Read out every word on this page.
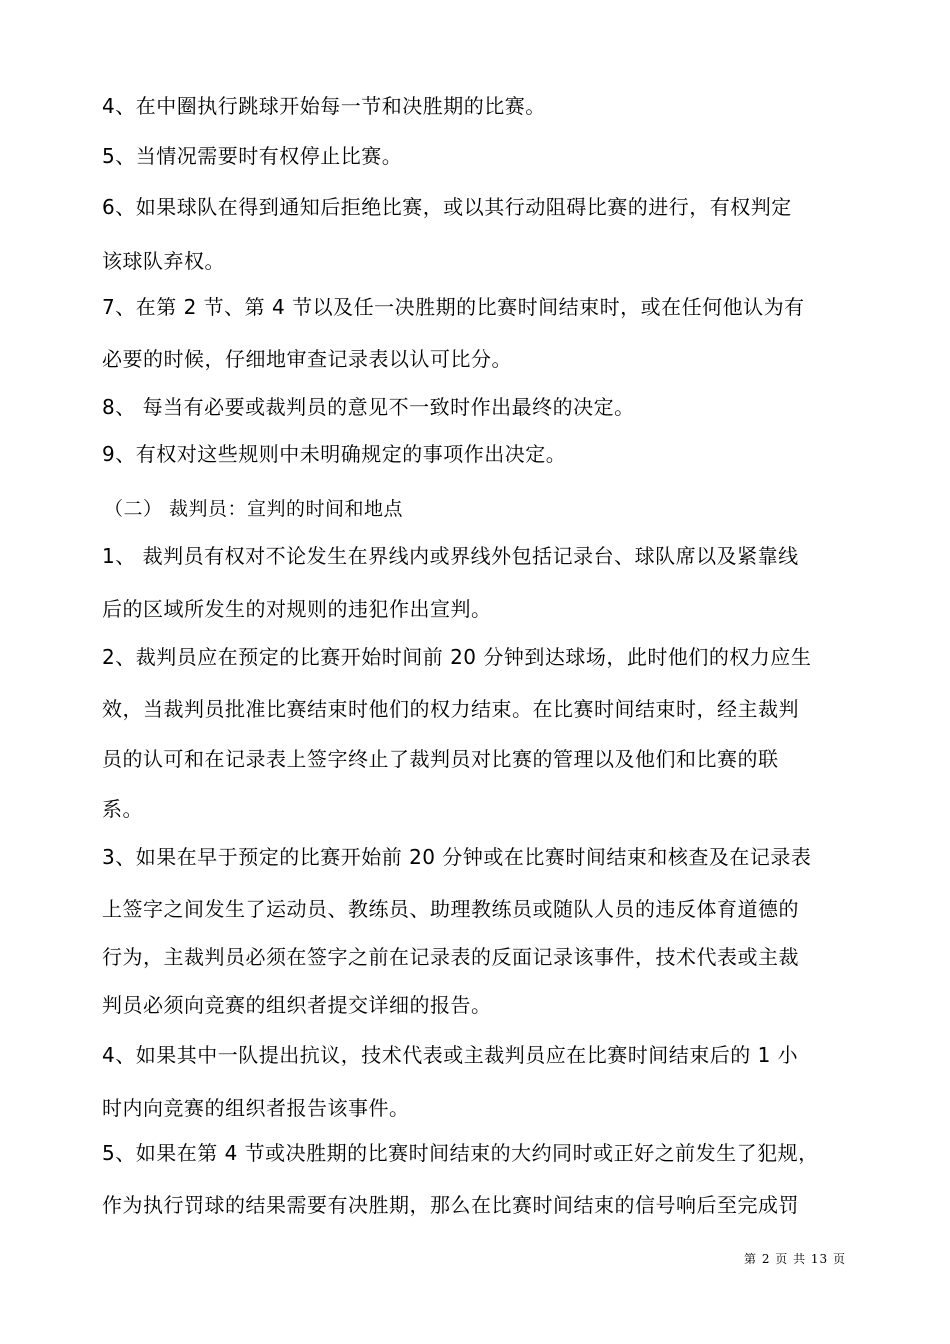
4、在中圈执行跳球开始每一节和决胜期的比赛。
5、当情况需要时有权停止比赛。
6、如果球队在得到通知后拒绝比赛，或以其行动阻碍比赛的进行，有权判定
该球队弃权。
7、在第 2 节、第 4 节以及任一决胜期的比赛时间结束时，或在任何他认为有
必要的时候，仔细地审查记录表以认可比分。
8、 每当有必要或裁判员的意见不一致时作出最终的决定。
9、有权对这些规则中未明确规定的事项作出决定。
（二） 裁判员：宣判的时间和地点
1、 裁判员有权对不论发生在界线内或界线外包括记录台、球队席以及紧靠线
后的区域所发生的对规则的违犯作出宣判。
2、裁判员应在预定的比赛开始时间前 20 分钟到达球场，此时他们的权力应生
效，当裁判员批准比赛结束时他们的权力结束。在比赛时间结束时，经主裁判
员的认可和在记录表上签字终止了裁判员对比赛的管理以及他们和比赛的联
系。
3、如果在早于预定的比赛开始前 20 分钟或在比赛时间结束和核查及在记录表
上签字之间发生了运动员、教练员、助理教练员或随队人员的违反体育道德的
行为，主裁判员必须在签字之前在记录表的反面记录该事件，技术代表或主裁
判员必须向竞赛的组织者提交详细的报告。
4、如果其中一队提出抗议，技术代表或主裁判员应在比赛时间结束后的 1 小
时内向竞赛的组织者报告该事件。
5、如果在第 4 节或决胜期的比赛时间结束的大约同时或正好之前发生了犯规，
作为执行罚球的结果需要有决胜期，那么在比赛时间结束的信号响后至完成罚
第 2 页 共 13 页
